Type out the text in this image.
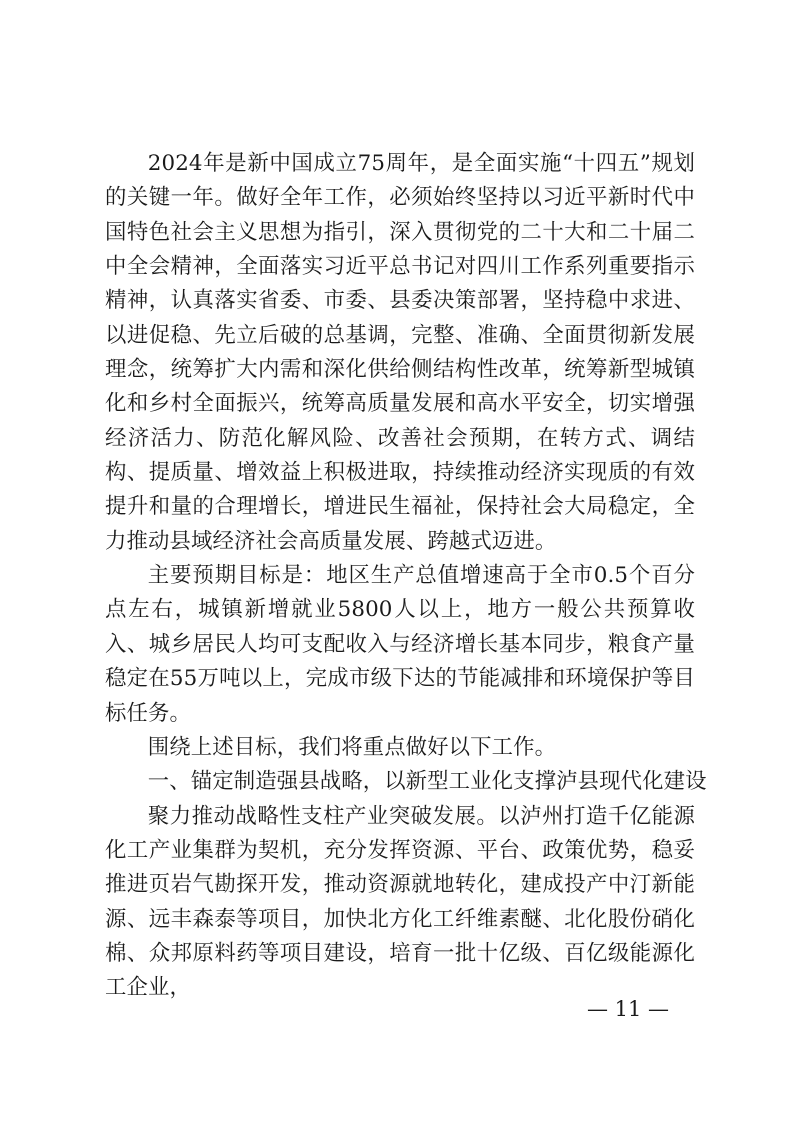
2024年是新中国成立75周年，是全面实施“十四五”规划的关键一年。做好全年工作，必须始终坚持以习近平新时代中国特色社会主义思想为指引，深入贯彻党的二十大和二十届二中全会精神，全面落实习近平总书记对四川工作系列重要指示精神，认真落实省委、市委、县委决策部署，坚持稳中求进、以进促稳、先立后破的总基调，完整、准确、全面贯彻新发展理念，统筹扩大内需和深化供给侧结构性改革，统筹新型城镇化和乡村全面振兴，统筹高质量发展和高水平安全，切实增强经济活力、防范化解风险、改善社会预期，在转方式、调结构、提质量、增效益上积极进取，持续推动经济实现质的有效提升和量的合理增长，增进民生福祉，保持社会大局稳定，全力推动县域经济社会高质量发展、跨越式迈进。

主要预期目标是：地区生产总值增速高于全市0.5个百分点左右，城镇新增就业5800人以上，地方一般公共预算收入、城乡居民人均可支配收入与经济增长基本同步，粮食产量稳定在55万吨以上，完成市级下达的节能减排和环境保护等目标任务。

围绕上述目标，我们将重点做好以下工作。

一、锚定制造强县战略，以新型工业化支撑泸县现代化建设

聚力推动战略性支柱产业突破发展。以泸州打造千亿能源化工产业集群为契机，充分发挥资源、平台、政策优势，稳妥推进页岩气勘探开发，推动资源就地转化，建成投产中汀新能源、远丰森泰等项目，加快北方化工纤维素醚、北化股份硝化棉、众邦原料药等项目建设，培育一批十亿级、百亿级能源化工企业，

— 11 —
